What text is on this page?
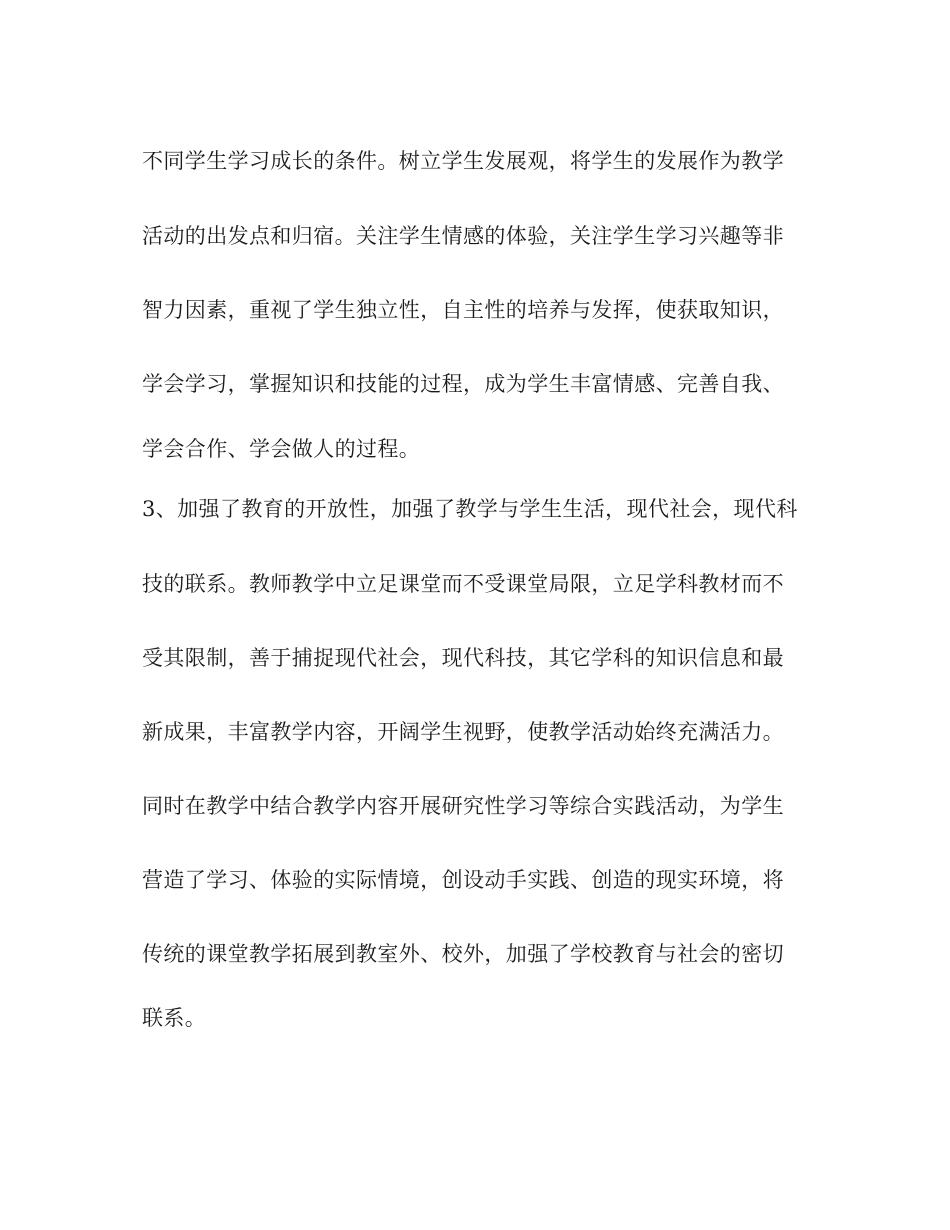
不同学生学习成长的条件。树立学生发展观，将学生的发展作为教学
活动的出发点和归宿。关注学生情感的体验，关注学生学习兴趣等非
智力因素，重视了学生独立性，自主性的培养与发挥，使获取知识，
学会学习，掌握知识和技能的过程，成为学生丰富情感、完善自我、
学会合作、学会做人的过程。
3、加强了教育的开放性，加强了教学与学生生活，现代社会，现代科
技的联系。教师教学中立足课堂而不受课堂局限，立足学科教材而不
受其限制，善于捕捉现代社会，现代科技，其它学科的知识信息和最
新成果，丰富教学内容，开阔学生视野，使教学活动始终充满活力。
同时在教学中结合教学内容开展研究性学习等综合实践活动，为学生
营造了学习、体验的实际情境，创设动手实践、创造的现实环境，将
传统的课堂教学拓展到教室外、校外，加强了学校教育与社会的密切
联系。
